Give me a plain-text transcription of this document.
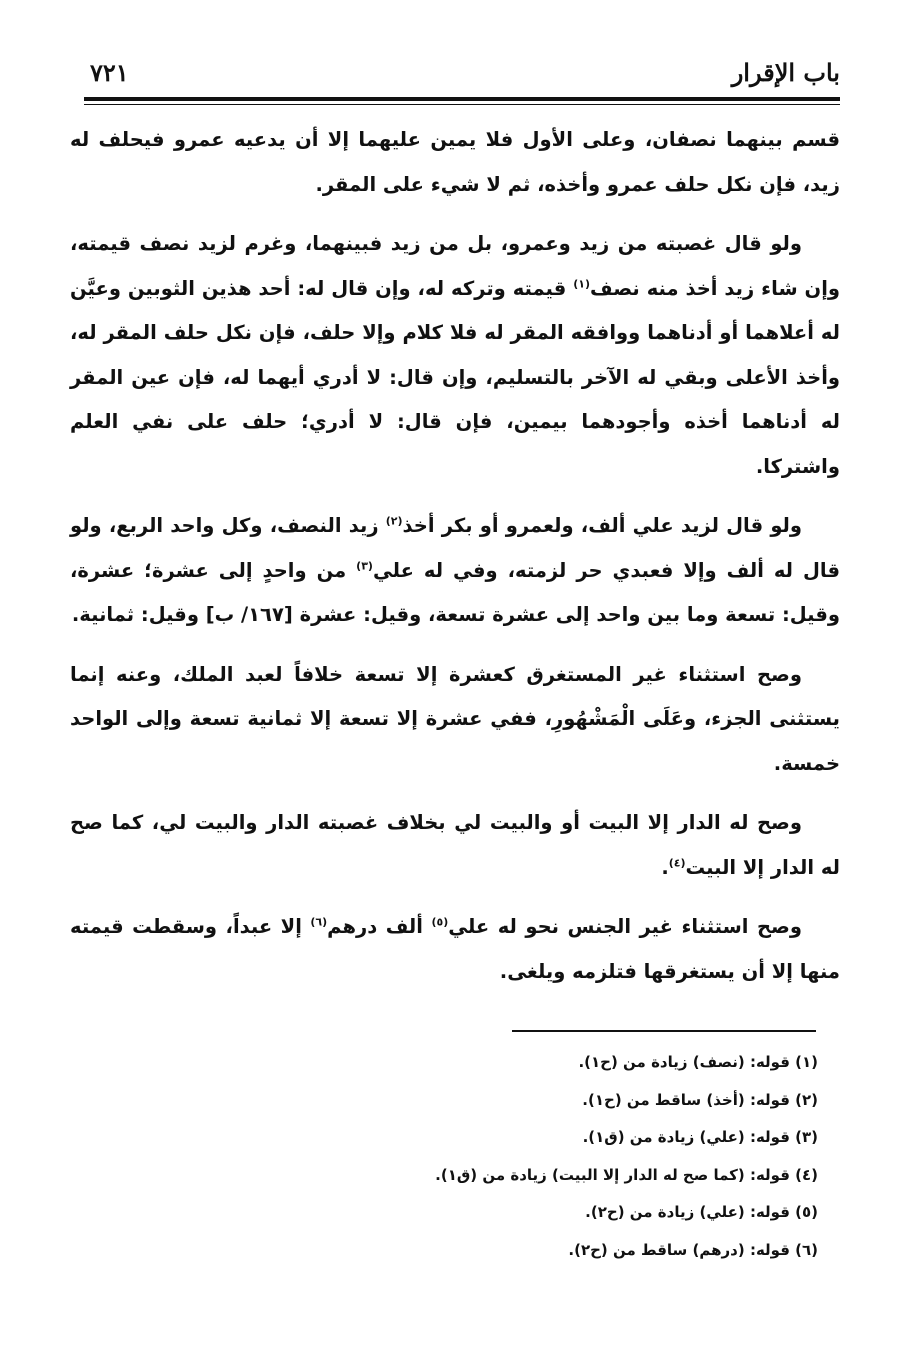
باب الإقرار
٧٢١

قسم بينهما نصفان، وعلى الأول فلا يمين عليهما إلا أن يدعيه عمرو فيحلف له زيد، فإن نكل حلف عمرو وأخذه، ثم لا شيء على المقر.

ولو قال غصبته من زيد وعمرو، بل من زيد فبينهما، وغرم لزيد نصف قيمته، وإن شاء زيد أخذ منه نصف$^{(١)}$ قيمته وتركه له، وإن قال له: أحد هذين الثوبين وعيَّن له أعلاهما أو أدناهما ووافقه المقر له فلا كلام وإلا حلف، فإن نكل حلف المقر له، وأخذ الأعلى وبقي له الآخر بالتسليم، وإن قال: لا أدري أيهما له، فإن عين المقر له أدناهما أخذه وأجودهما بيمين، فإن قال: لا أدري؛ حلف على نفي العلم واشتركا.

ولو قال لزيد علي ألف، ولعمرو أو بكر أخذ$^{(٢)}$ زيد النصف، وكل واحد الربع، ولو قال له ألف وإلا فعبدي حر لزمته، وفي له علي$^{(٣)}$ من واحدٍ إلى عشرة؛ عشرة، وقيل: تسعة وما بين واحد إلى عشرة تسعة، وقيل: عشرة [١٦٧/ ب] وقيل: ثمانية.

وصح استثناء غير المستغرق كعشرة إلا تسعة خلافاً لعبد الملك، وعنه إنما يستثنى الجزء، وعَلَى الْمَشْهُورِ، ففي عشرة إلا تسعة إلا ثمانية تسعة وإلى الواحد خمسة.

وصح له الدار إلا البيت أو والبيت لي بخلاف غصبته الدار والبيت لي، كما صح له الدار إلا البيت$^{(٤)}$.

وصح استثناء غير الجنس نحو له علي$^{(٥)}$ ألف درهم$^{(٦)}$ إلا عبداً، وسقطت قيمته منها إلا أن يستغرقها فتلزمه ويلغى.

(١) قوله: (نصف) زيادة من (ح١).
(٢) قوله: (أخذ) ساقط من (ح١).
(٣) قوله: (علي) زيادة من (ق١).
(٤) قوله: (كما صح له الدار إلا البيت) زيادة من (ق١).
(٥) قوله: (علي) زيادة من (ح٢).
(٦) قوله: (درهم) ساقط من (ح٢).
